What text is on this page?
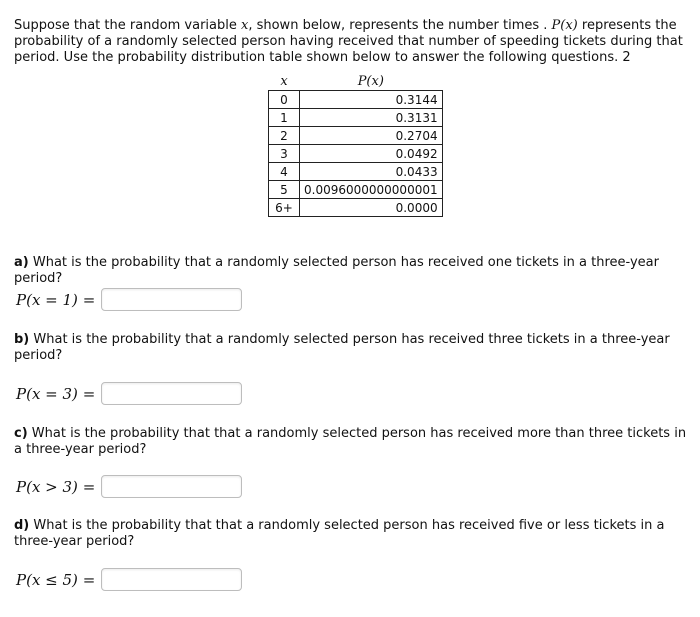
Suppose that the random variable x, shown below, represents the number times . P(x) represents the probability of a randomly selected person having received that number of speeding tickets during that period. Use the probability distribution table shown below to answer the following questions. 2

x	P(x)
0	0.3144
1	0.3131
2	0.2704
3	0.0492
4	0.0433
5	0.0096000000000001
6+	0.0000

a) What is the probability that a randomly selected person has received one tickets in a three-year period?

P(x = 1) =

b) What is the probability that a randomly selected person has received three tickets in a three-year period?

P(x = 3) =

c) What is the probability that that a randomly selected person has received more than three tickets in a three-year period?

P(x > 3) =

d) What is the probability that that a randomly selected person has received five or less tickets in a three-year period?

P(x ≤ 5) =
